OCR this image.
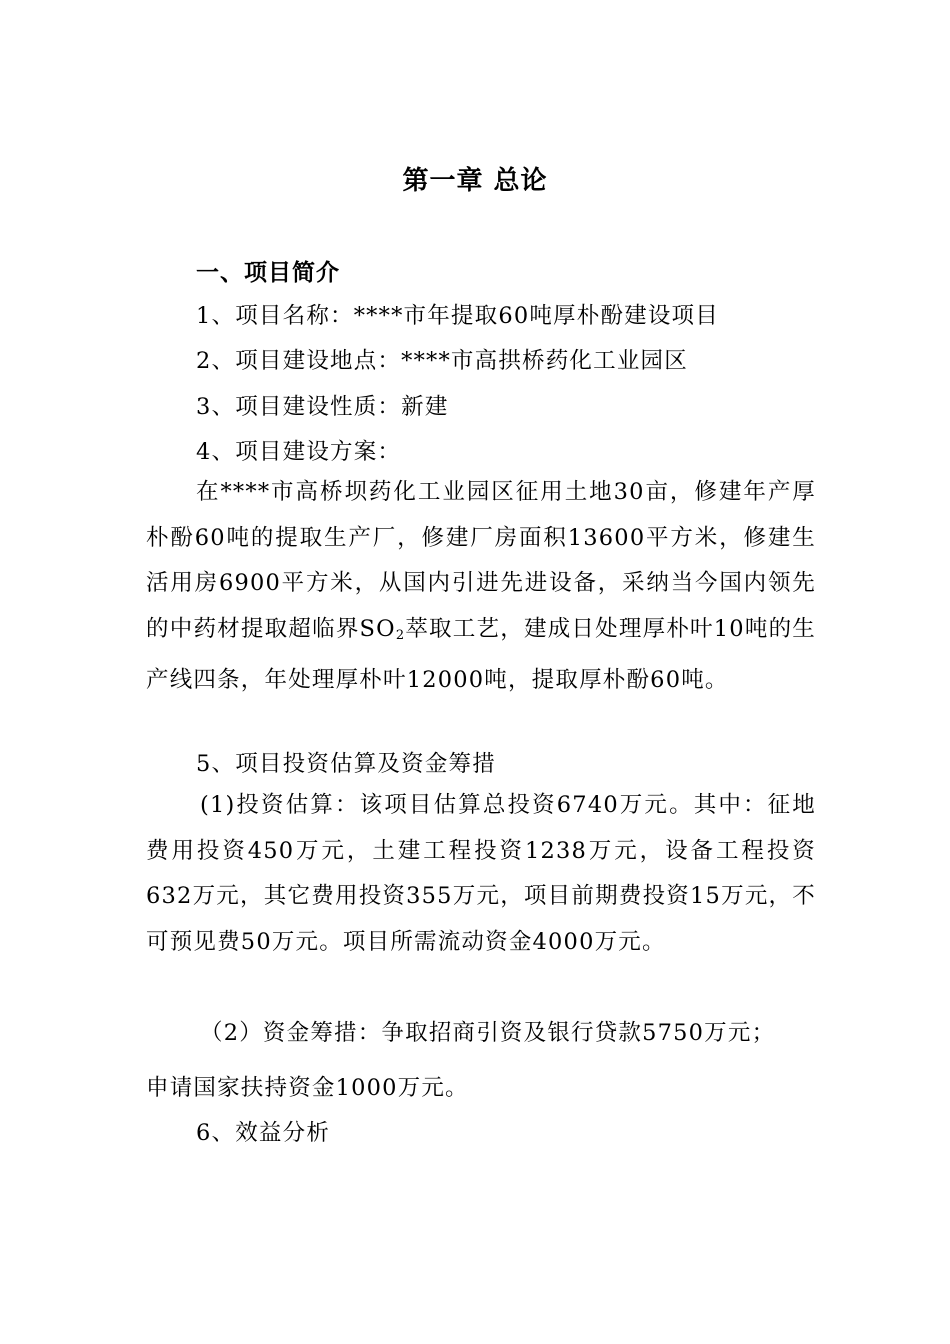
第一章 总论
一、项目简介
1、项目名称：****市年提取60吨厚朴酚建设项目
2、项目建设地点：****市高拱桥药化工业园区
3、项目建设性质：新建
4、项目建设方案：

在****市高桥坝药化工业园区征用土地30亩，修建年产厚朴酚60吨的提取生产厂，修建厂房面积13600平方米，修建生活用房6900平方米，从国内引进先进设备，采纳当今国内领先的中药材提取超临界$SO_2$萃取工艺，建成日处理厚朴叶10吨的生产线四条，年处理厚朴叶12000吨，提取厚朴酚60吨。

5、项目投资估算及资金筹措

(1)投资估算：该项目估算总投资6740万元。其中：征地费用投资450万元，土建工程投资1238万元，设备工程投资632万元，其它费用投资355万元，项目前期费投资15万元，不可预见费50万元。项目所需流动资金4000万元。

（2）资金筹措：争取招商引资及银行贷款5750万元；
申请国家扶持资金1000万元。
6、效益分析
